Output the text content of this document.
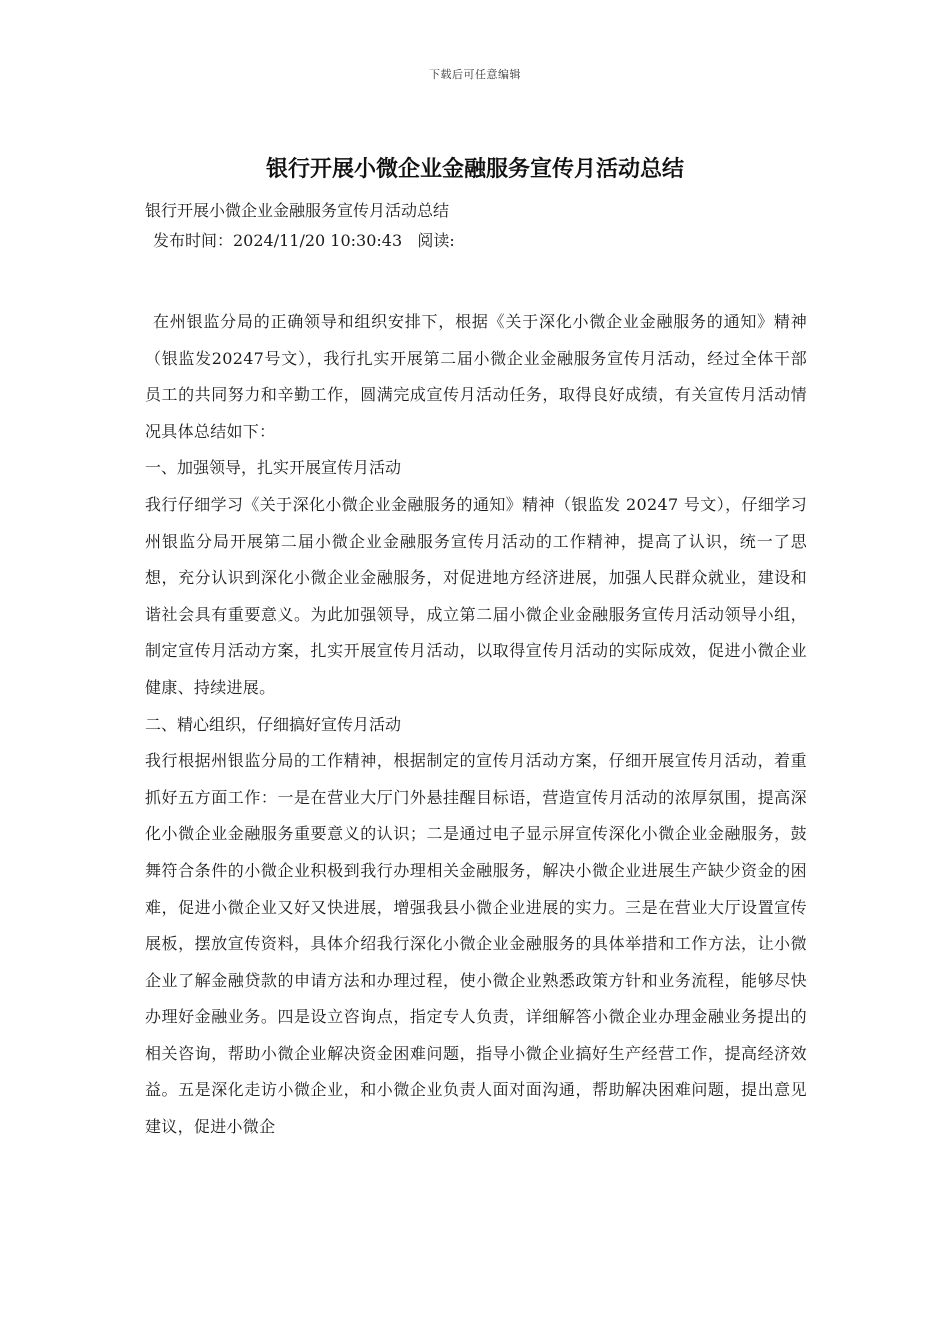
下载后可任意编辑
银行开展小微企业金融服务宣传月活动总结

银行开展小微企业金融服务宣传月活动总结

发布时间：2024/11/20 10:30:43   阅读:

在州银监分局的正确领导和组织安排下，根据《关于深化小微企业金融服务的通知》精神（银监发20247号文），我行扎实开展第二届小微企业金融服务宣传月活动，经过全体干部员工的共同努力和辛勤工作，圆满完成宣传月活动任务，取得良好成绩，有关宣传月活动情况具体总结如下：

一、加强领导，扎实开展宣传月活动

我行仔细学习《关于深化小微企业金融服务的通知》精神（银监发 20247 号文），仔细学习州银监分局开展第二届小微企业金融服务宣传月活动的工作精神，提高了认识，统一了思想，充分认识到深化小微企业金融服务，对促进地方经济进展，加强人民群众就业，建设和谐社会具有重要意义。为此加强领导，成立第二届小微企业金融服务宣传月活动领导小组，制定宣传月活动方案，扎实开展宣传月活动，以取得宣传月活动的实际成效，促进小微企业健康、持续进展。

二、精心组织，仔细搞好宣传月活动

我行根据州银监分局的工作精神，根据制定的宣传月活动方案，仔细开展宣传月活动，着重抓好五方面工作：一是在营业大厅门外悬挂醒目标语，营造宣传月活动的浓厚氛围，提高深化小微企业金融服务重要意义的认识；二是通过电子显示屏宣传深化小微企业金融服务，鼓舞符合条件的小微企业积极到我行办理相关金融服务，解决小微企业进展生产缺少资金的困难，促进小微企业又好又快进展，增强我县小微企业进展的实力。三是在营业大厅设置宣传展板，摆放宣传资料，具体介绍我行深化小微企业金融服务的具体举措和工作方法，让小微企业了解金融贷款的申请方法和办理过程，使小微企业熟悉政策方针和业务流程，能够尽快办理好金融业务。四是设立咨询点，指定专人负责，详细解答小微企业办理金融业务提出的相关咨询，帮助小微企业解决资金困难问题，指导小微企业搞好生产经营工作，提高经济效益。五是深化走访小微企业，和小微企业负责人面对面沟通，帮助解决困难问题，提出意见建议，促进小微企
